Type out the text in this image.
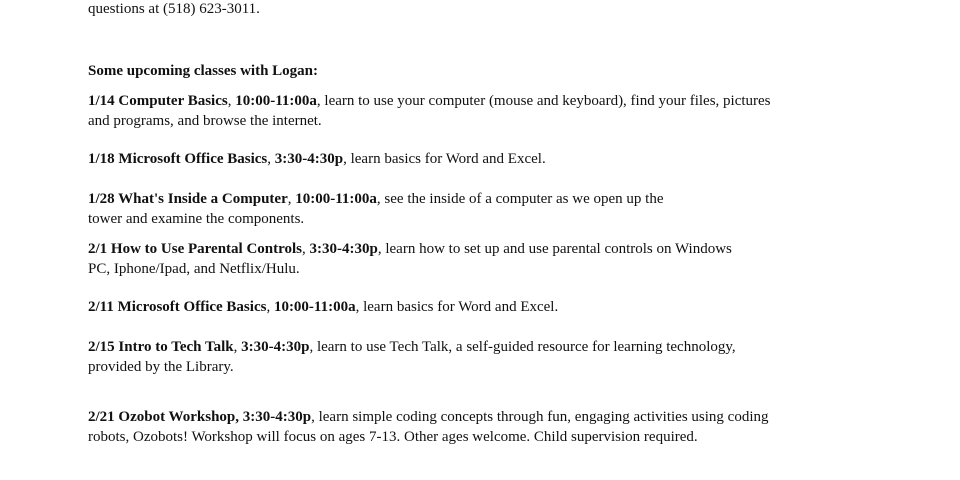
questions at (518) 623-3011.

Some upcoming classes with Logan:

1/14 Computer Basics, 10:00-11:00a, learn to use your computer (mouse and keyboard), find your files, pictures

and programs, and browse the internet.

1/18 Microsoft Office Basics, 3:30-4:30p, learn basics for Word and Excel.

1/28 What's Inside a Computer, 10:00-11:00a, see the inside of a computer as we open up the

tower and examine the components.

2/1 How to Use Parental Controls, 3:30-4:30p, learn how to set up and use parental controls on Windows

PC, Iphone/Ipad, and Netflix/Hulu.

2/11 Microsoft Office Basics, 10:00-11:00a, learn basics for Word and Excel.

2/15 Intro to Tech Talk, 3:30-4:30p, learn to use Tech Talk, a self-guided resource for learning technology,

provided by the Library.

2/21 Ozobot Workshop, 3:30-4:30p, learn simple coding concepts through fun, engaging activities using coding

robots, Ozobots! Workshop will focus on ages 7-13. Other ages welcome. Child supervision required.
